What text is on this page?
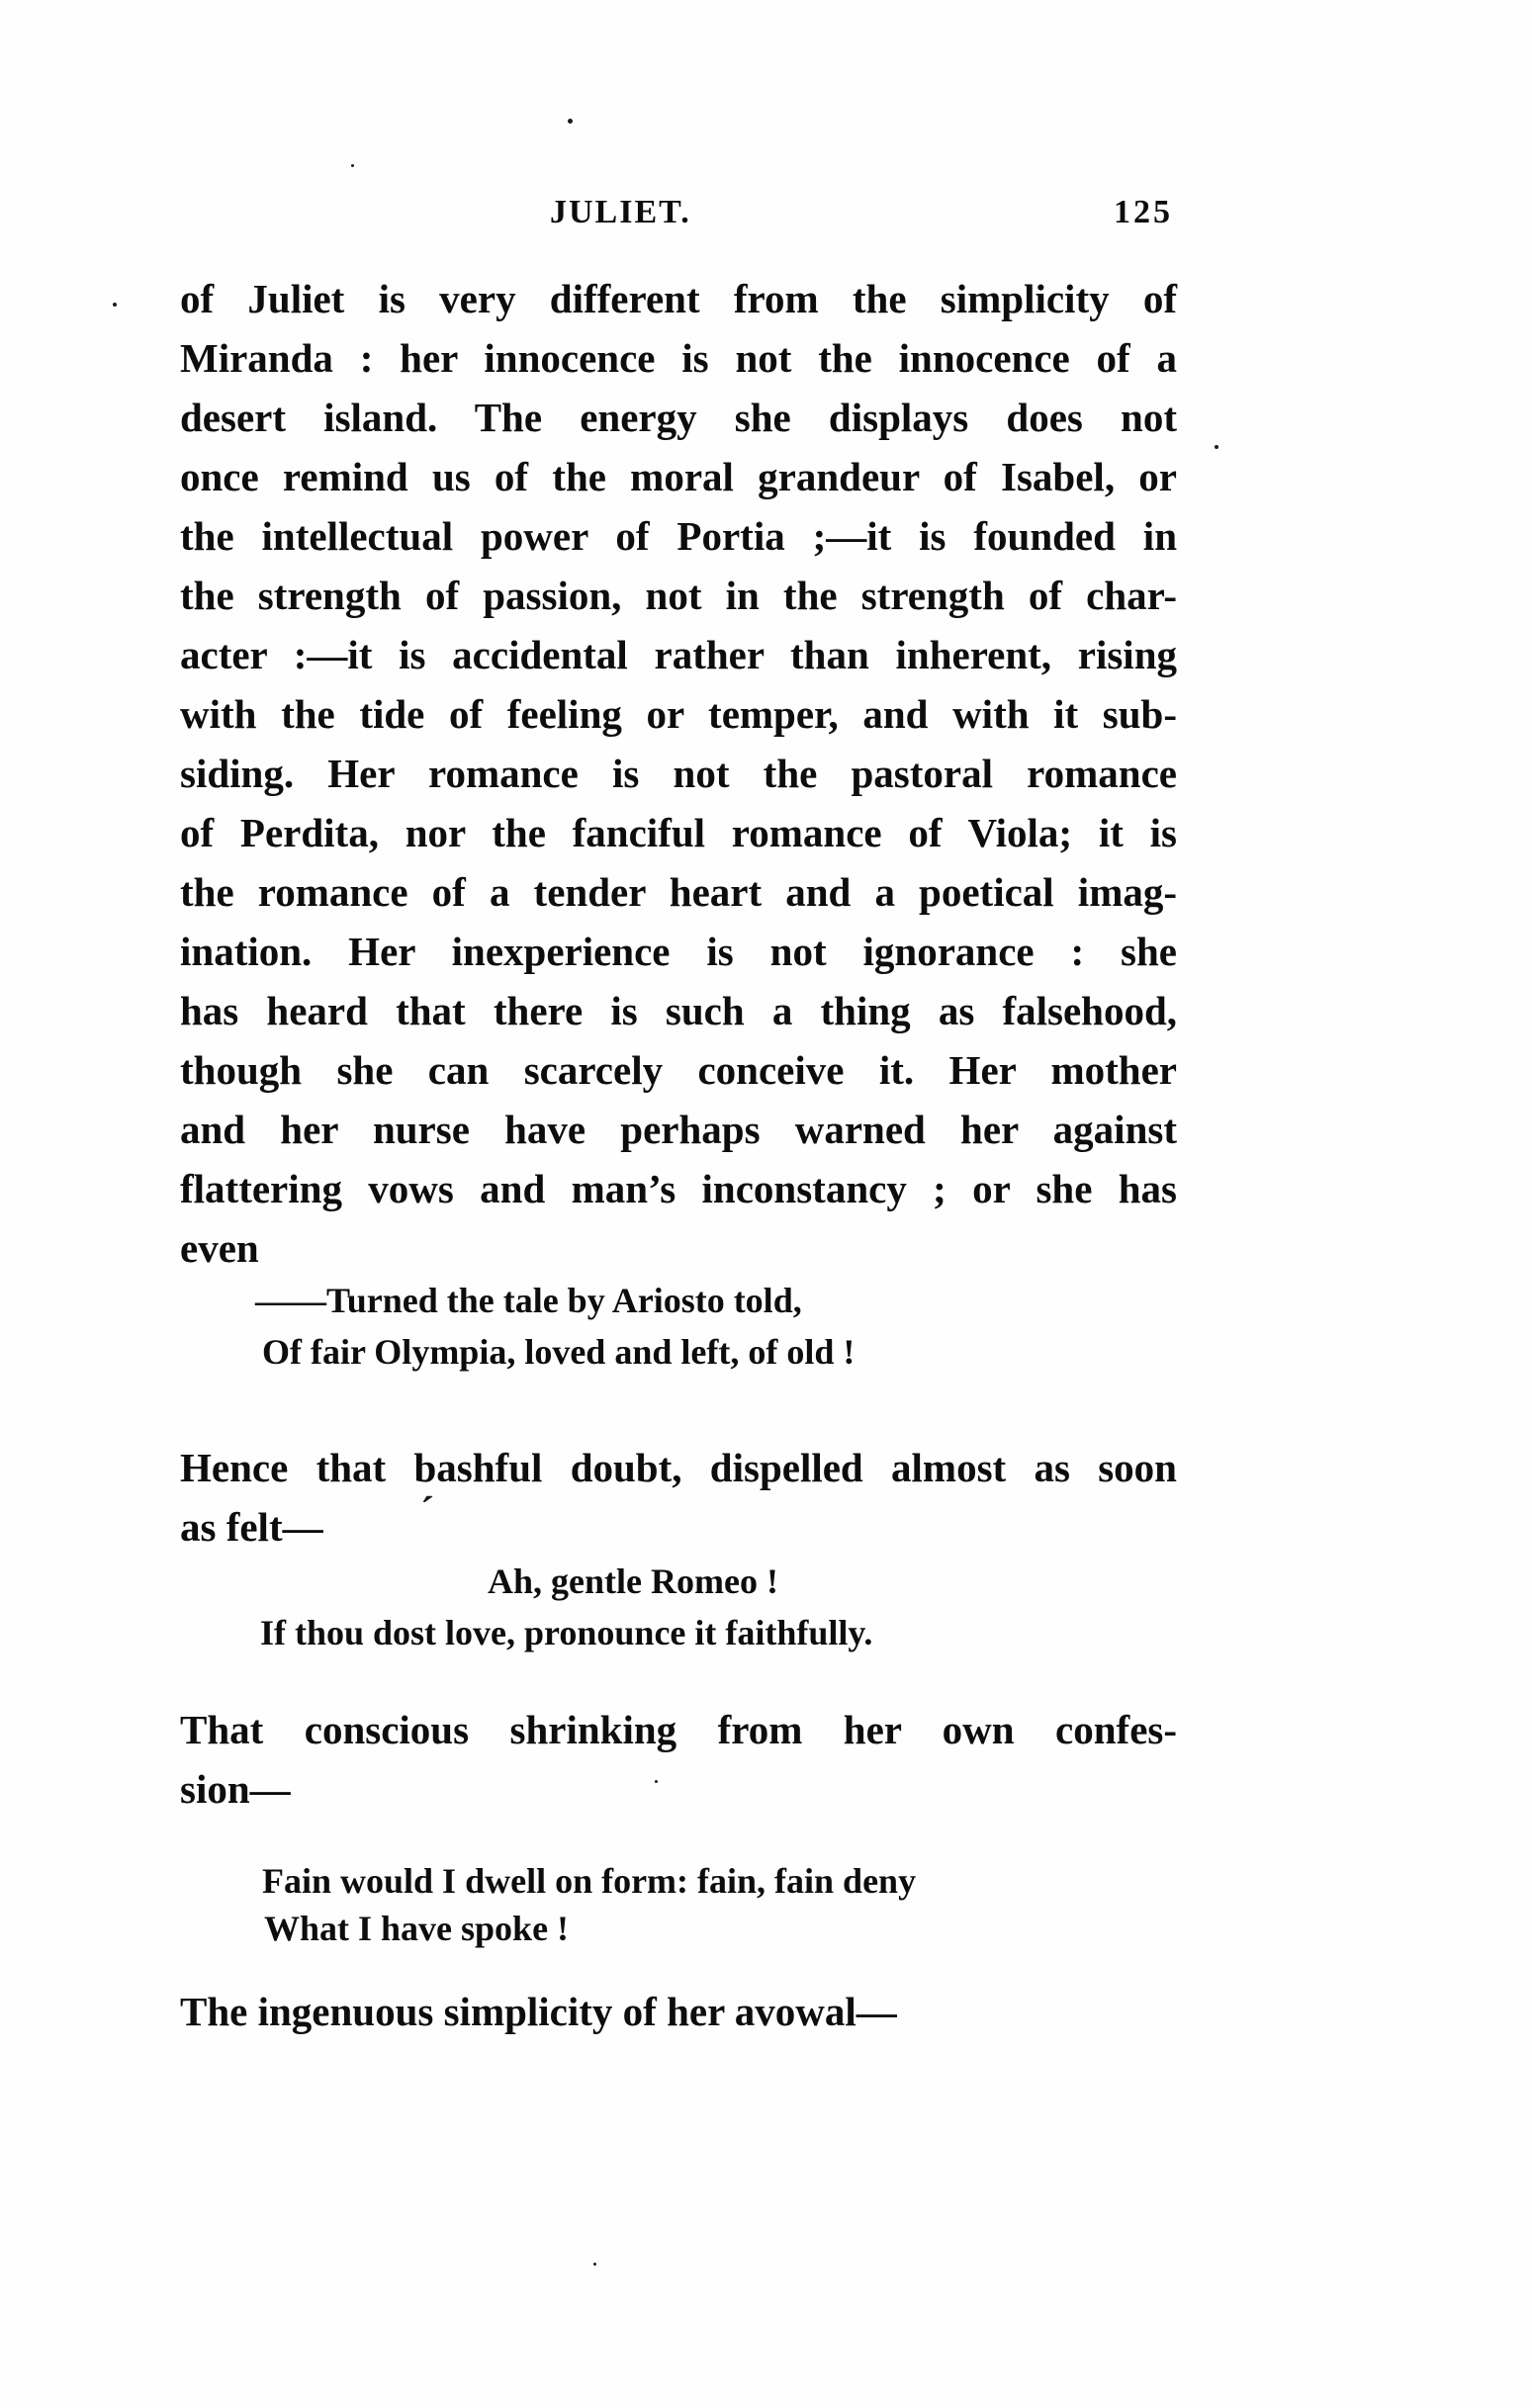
JULIET.	125
of Juliet is very different from the simplicity of
Miranda : her innocence is not the innocence of a
desert island. The energy she displays does not
once remind us of the moral grandeur of Isabel, or
the intellectual power of Portia ;—it is founded in
the strength of passion, not in the strength of char-
acter :—it is accidental rather than inherent, rising
with the tide of feeling or temper, and with it sub-
siding. Her romance is not the pastoral romance
of Perdita, nor the fanciful romance of Viola; it is
the romance of a tender heart and a poetical imag-
ination. Her inexperience is not ignorance : she
has heard that there is such a thing as falsehood,
though she can scarcely conceive it. Her mother
and her nurse have perhaps warned her against
flattering vows and man’s inconstancy ; or she has
even
——Turned the tale by Ariosto told,
Of fair Olympia, loved and left, of old !
Hence that bashful doubt, dispelled almost as soon
as felt—
Ah, gentle Romeo !
If thou dost love, pronounce it faithfully.
That conscious shrinking from her own confes-
sion—
Fain would I dwell on form: fain, fain deny
What I have spoke !
The ingenuous simplicity of her avowal—
´
